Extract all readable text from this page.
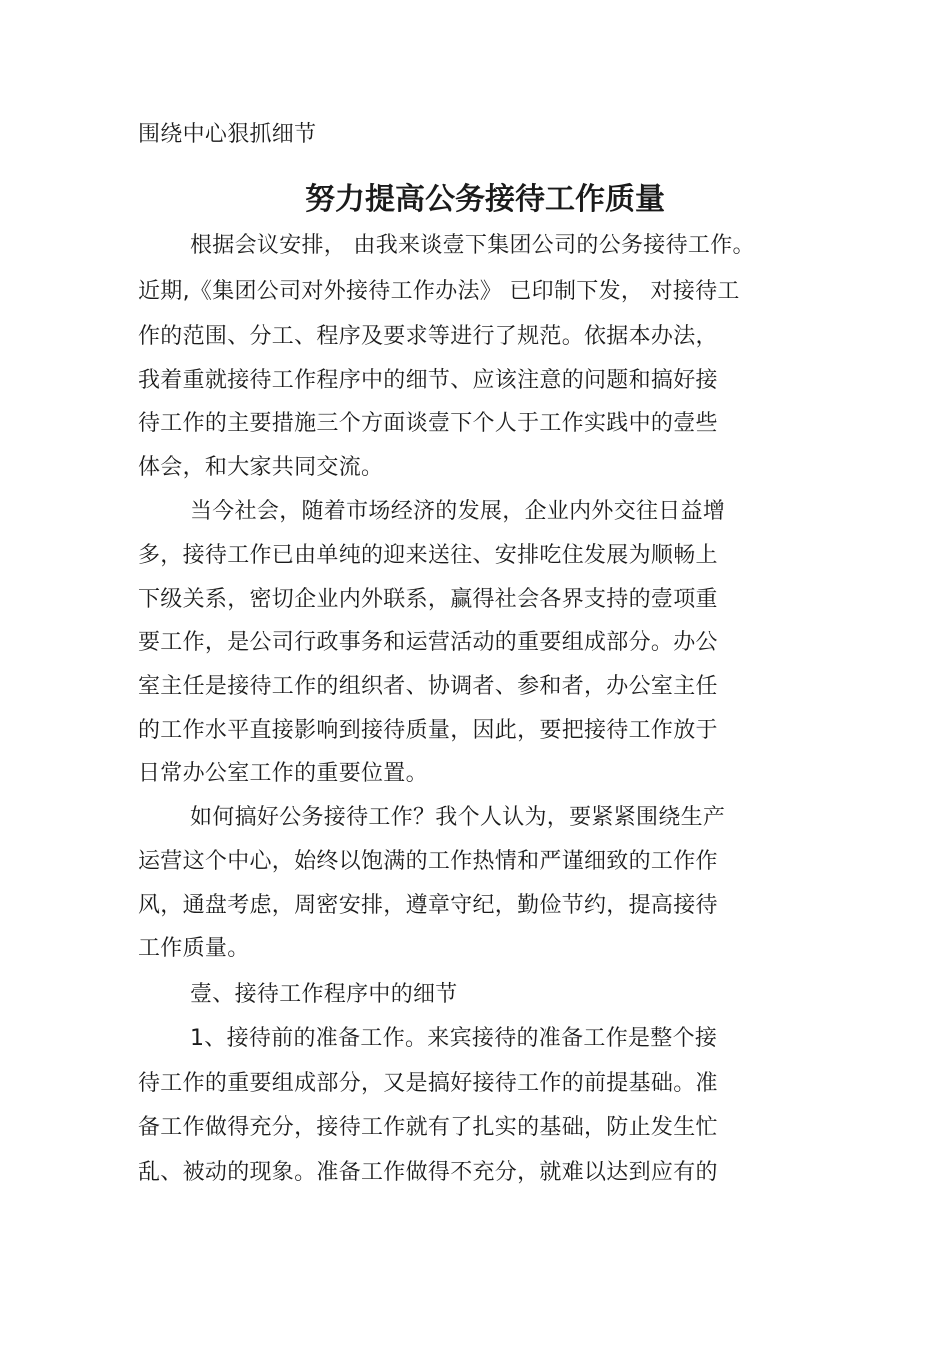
围绕中心狠抓细节

努力提高公务接待工作质量

根据会议安排， 由我来谈壹下集团公司的公务接待工作。

近期,《集团公司对外接待工作办法》 已印制下发， 对接待工

作的范围、分工、程序及要求等进行了规范。依据本办法，

我着重就接待工作程序中的细节、应该注意的问题和搞好接

待工作的主要措施三个方面谈壹下个人于工作实践中的壹些

体会，和大家共同交流。

当今社会，随着市场经济的发展，企业内外交往日益增

多，接待工作已由单纯的迎来送往、安排吃住发展为顺畅上

下级关系，密切企业内外联系，赢得社会各界支持的壹项重

要工作，是公司行政事务和运营活动的重要组成部分。办公

室主任是接待工作的组织者、协调者、参和者，办公室主任

的工作水平直接影响到接待质量，因此，要把接待工作放于

日常办公室工作的重要位置。

如何搞好公务接待工作？我个人认为，要紧紧围绕生产

运营这个中心，始终以饱满的工作热情和严谨细致的工作作

风，通盘考虑，周密安排，遵章守纪，勤俭节约，提高接待

工作质量。

壹、接待工作程序中的细节

1、接待前的准备工作。来宾接待的准备工作是整个接

待工作的重要组成部分，又是搞好接待工作的前提基础。准

备工作做得充分，接待工作就有了扎实的基础，防止发生忙

乱、被动的现象。准备工作做得不充分，就难以达到应有的
